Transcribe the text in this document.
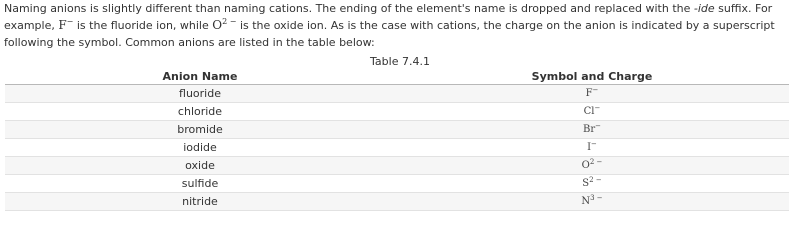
Naming anions is slightly different than naming cations. The ending of the element's name is dropped and replaced with the -ide suffix. For example, F− is the fluoride ion, while $O^{2 -}$ is the oxide ion. As is the case with cations, the charge on the anion is indicated by a superscript following the symbol. Common anions are listed in the table below:

Table 7.4.1
Anion Name	Symbol and Charge
fluoride	F−
chloride	Cl−
bromide	Br−
iodide	I−
oxide	$O^{2 -}$
sulfide	$S^{2 -}$
nitride	$N^{3 -}$
